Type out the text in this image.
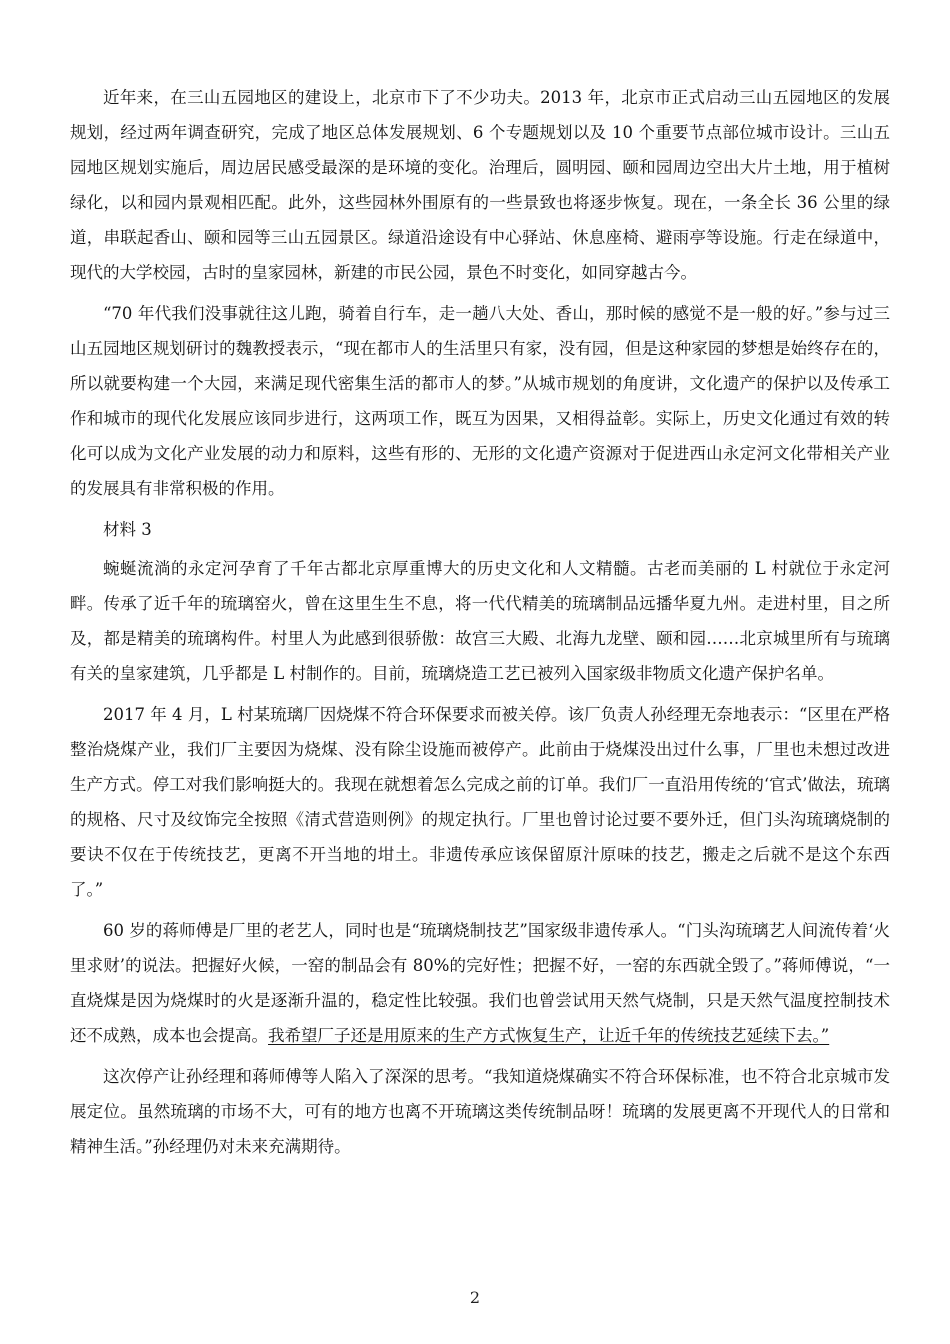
近年来，在三山五园地区的建设上，北京市下了不少功夫。2013 年，北京市正式启动三山五园地区的发展规划，经过两年调查研究，完成了地区总体发展规划、6 个专题规划以及 10 个重要节点部位城市设计。三山五园地区规划实施后，周边居民感受最深的是环境的变化。治理后，圆明园、颐和园周边空出大片土地，用于植树绿化，以和园内景观相匹配。此外，这些园林外围原有的一些景致也将逐步恢复。现在，一条全长 36 公里的绿道，串联起香山、颐和园等三山五园景区。绿道沿途设有中心驿站、休息座椅、避雨亭等设施。行走在绿道中，现代的大学校园，古时的皇家园林，新建的市民公园，景色不时变化，如同穿越古今。

“70 年代我们没事就往这儿跑，骑着自行车，走一趟八大处、香山，那时候的感觉不是一般的好。”参与过三山五园地区规划研讨的魏教授表示，“现在都市人的生活里只有家，没有园，但是这种家园的梦想是始终存在的，所以就要构建一个大园，来满足现代密集生活的都市人的梦。”从城市规划的角度讲，文化遗产的保护以及传承工作和城市的现代化发展应该同步进行，这两项工作，既互为因果，又相得益彰。实际上，历史文化通过有效的转化可以成为文化产业发展的动力和原料，这些有形的、无形的文化遗产资源对于促进西山永定河文化带相关产业的发展具有非常积极的作用。

材料 3

蜿蜒流淌的永定河孕育了千年古都北京厚重博大的历史文化和人文精髓。古老而美丽的 L 村就位于永定河畔。传承了近千年的琉璃窑火，曾在这里生生不息，将一代代精美的琉璃制品远播华夏九州。走进村里，目之所及，都是精美的琉璃构件。村里人为此感到很骄傲：故宫三大殿、北海九龙壁、颐和园……北京城里所有与琉璃有关的皇家建筑，几乎都是 L 村制作的。目前，琉璃烧造工艺已被列入国家级非物质文化遗产保护名单。

2017 年 4 月，L 村某琉璃厂因烧煤不符合环保要求而被关停。该厂负责人孙经理无奈地表示：“区里在严格整治烧煤产业，我们厂主要因为烧煤、没有除尘设施而被停产。此前由于烧煤没出过什么事，厂里也未想过改进生产方式。停工对我们影响挺大的。我现在就想着怎么完成之前的订单。我们厂一直沿用传统的‘官式’做法，琉璃的规格、尺寸及纹饰完全按照《清式营造则例》的规定执行。厂里也曾讨论过要不要外迁，但门头沟琉璃烧制的要诀不仅在于传统技艺，更离不开当地的坩土。非遗传承应该保留原汁原味的技艺，搬走之后就不是这个东西了。”

60 岁的蒋师傅是厂里的老艺人，同时也是“琉璃烧制技艺”国家级非遗传承人。“门头沟琉璃艺人间流传着‘火里求财’的说法。把握好火候，一窑的制品会有 80%的完好性；把握不好，一窑的东西就全毁了。”蒋师傅说，“一直烧煤是因为烧煤时的火是逐渐升温的，稳定性比较强。我们也曾尝试用天然气烧制，只是天然气温度控制技术还不成熟，成本也会提高。我希望厂子还是用原来的生产方式恢复生产，让近千年的传统技艺延续下去。”

这次停产让孙经理和蒋师傅等人陷入了深深的思考。“我知道烧煤确实不符合环保标准，也不符合北京城市发展定位。虽然琉璃的市场不大，可有的地方也离不开琉璃这类传统制品呀！琉璃的发展更离不开现代人的日常和精神生活。”孙经理仍对未来充满期待。

2
